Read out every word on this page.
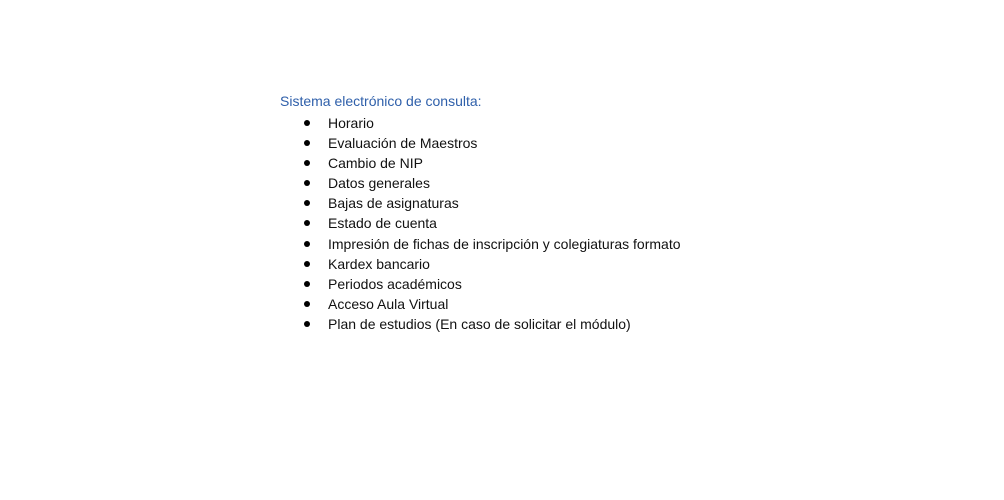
Sistema electrónico de consulta:
Horario
Evaluación de Maestros
Cambio de NIP
Datos generales
Bajas de asignaturas
Estado de cuenta
Impresión de fichas de inscripción y colegiaturas formato
Kardex bancario
Periodos académicos
Acceso Aula Virtual
Plan de estudios (En caso de solicitar el módulo)
